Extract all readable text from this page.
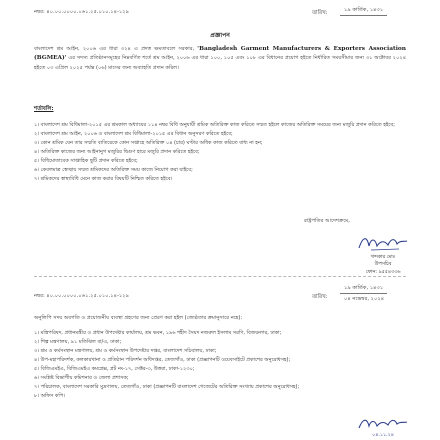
নম্বর: ৪০.০০.০০০০.০৬১.২৫.০১০.১৪-১২৯	তারিখ:	১৯ কার্তিক, ১৪৩১
প্রজ্ঞাপন
বাংলাদেশ শ্রম আইন, ২০০৬ এর ধারা ৩২৪ এ প্রদত্ত ক্ষমতাবলে সরকার, 'Bangladesh Garment Manufacturers & Exporters Association (BGMEA)' এর সদস্য প্রতিষ্ঠানসমূহের নিম্নবর্ণিত শর্তে শ্রম আইন, ২০০৬ এর ধারা ১০০, ১০৫ এবং ১০৮ এর বিধানের প্রয়োগ হইতে নির্ধারিত সময়সীমার জন্য ৩১ অক্টোবর ২০২৪ হইতে ০৩ এপ্রিল ২০২৫ পর্যন্ত (০৬) মাসের জন্য অব্যাহতি প্রদান করিল।
শর্তাবলি:
১। বাংলাদেশ শ্রম বিধিমালা-২০১৫ এর শ্রমকাল অধ্যায়ের ১১৪ নম্বর বিধি অনুযায়ী শ্রমিক অতিরিক্ত কাজ করিতে সম্মত হইলে কাজের অতিরিক্ত সময়ের জন্য মজুরি প্রদান করিতে হইবে;
২। বাংলাদেশ শ্রম আইন, ২০০৬ ও বাংলাদেশ শ্রম বিধিমালা-২০১৫ এর বিধান অনুসরণ করিতে হইবে;
৩। কোন শ্রমিক যেন তার সম্মতি ব্যতিরেকে কোন সপ্তাহে অতিরিক্ত ০৪ (চার) ঘণ্টার অধিক কাজ করিতে বাধ্য না হন;
৪। অতিরিক্ত কাজের জন্য আইনানুগ মজুরির দ্বিগুণ হারে মজুরি প্রদান করিতে হইবে;
৫। বিধিমোতাবেক সাপ্তাহিক ছুটি প্রদান করিতে হইবে;
৬। কেবলমাত্র স্বেচ্ছায় সম্মত শ্রমিকদের অতিরিক্ত সময় কাজে নিয়োগ করা যাইবে;
৭। শ্রমিকদের স্বাস্থ্যবিধি মেনে কাজ করার বিষয়টি নিশ্চিত করিতে হইবে।
রাষ্ট্রপতির আদেশক্রমে,
খন্দকার মোঃ
উপসচিব
ফোন: ৯৫৫৪৩৩৬
নম্বর: ৪০.০০.০০০০.০৬১.২৫.০১০.১৪-১২৯	তারিখ:
১৯ কার্তিক, ১৪৩১
০৪ নভেম্বর, ২০২৪
অনুলিপি সদয় অবগতি ও প্রয়োজনীয় ব্যবস্থা গ্রহণের জন্য প্রেরণ করা হইল (জ্যেষ্ঠতার ক্রমানুসারে নহে):
১। মন্ত্রিপরিষদ, প্রধানমন্ত্রীর ও প্রধান উপদেষ্টার কার্যালয়, শ্রম ভবন, ১৯৬ শহীদ সৈয়দ নজরুল ইসলাম সরণি, বিজয়নগর, ঢাকা;
২। শিল্প মন্ত্রণালয়, ৯১ মতিঝিল বা/এ, ঢাকা;
৩। শ্রম ও কর্মসংস্থান মন্ত্রণালয়, শ্রম ও কর্মসংস্থান উপদেষ্টার দপ্তর, বাংলাদেশ সচিবালয়, ঢাকা;
৪। উপ-মহাপরিদর্শক, কলকারখানা ও প্রতিষ্ঠান পরিদর্শন অধিদপ্তর, তেজগাঁও, ঢাকা (প্রজ্ঞাপনটি ওয়েবসাইটে প্রকাশের অনুরোধসহ);
৫। বিজিএমইএ, বিজিএমইএ কমপ্লেক্স, প্লট নং-১৭, সেক্টর-৩, উত্তরা, ঢাকা-১২৩০;
৬। সংশ্লিষ্ট বিভাগীয় কমিশনার ও জেলা প্রশাসক;
৭। পরিচালক, বাংলাদেশ সরকারি মুদ্রণালয়, তেজগাঁও, ঢাকা (প্রজ্ঞাপনটি বাংলাদেশ গেজেটের অতিরিক্ত সংখ্যায় প্রকাশের অনুরোধসহ);
৮। অফিস কপি।
০৪.১১.২৪
